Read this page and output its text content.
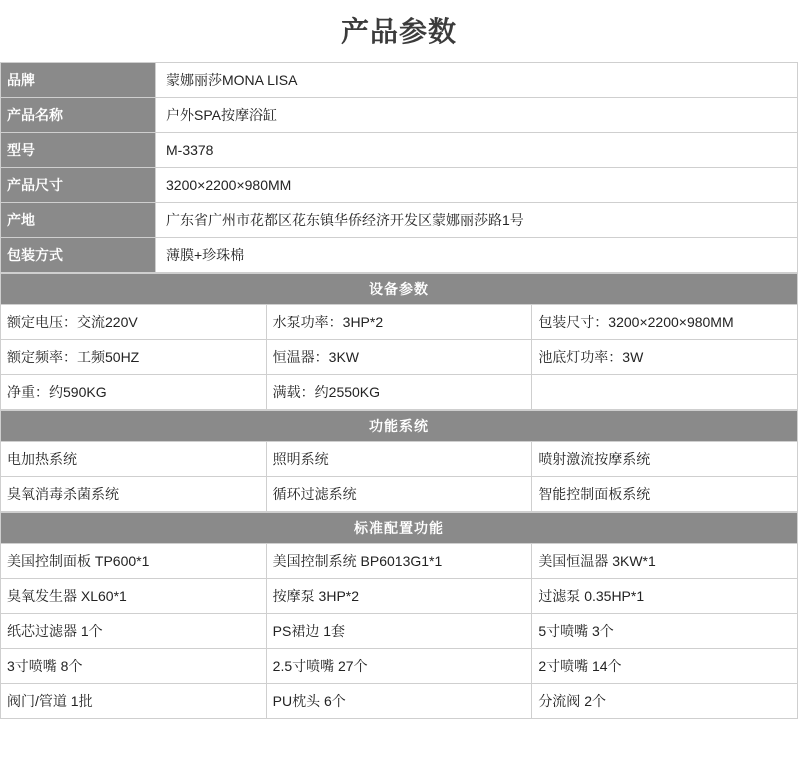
产品参数
品牌	蒙娜丽莎MONA LISA
产品名称	户外SPA按摩浴缸
型号	M-3378
产品尺寸	3200×2200×980MM
产地	广东省广州市花都区花东镇华侨经济开发区蒙娜丽莎路1号
包装方式	薄膜+珍珠棉
设备参数		
额定电压：交流220V	水泵功率：3HP*2	包装尺寸：3200×2200×980MM
额定频率：工频50HZ	恒温器：3KW	池底灯功率：3W
净重：约590KG	满载：约2550KG	
功能系统		
电加热系统	照明系统	喷射激流按摩系统
臭氧消毒杀菌系统	循环过滤系统	智能控制面板系统
标准配置功能		
美国控制面板 TP600*1	美国控制系统 BP6013G1*1	美国恒温器 3KW*1
臭氧发生器 XL60*1	按摩泵 3HP*2	过滤泵 0.35HP*1
纸芯过滤器 1个	PS裙边 1套	5寸喷嘴 3个
3寸喷嘴 8个	2.5寸喷嘴 27个	2寸喷嘴 14个
阀门/管道 1批	PU枕头 6个	分流阀 2个
